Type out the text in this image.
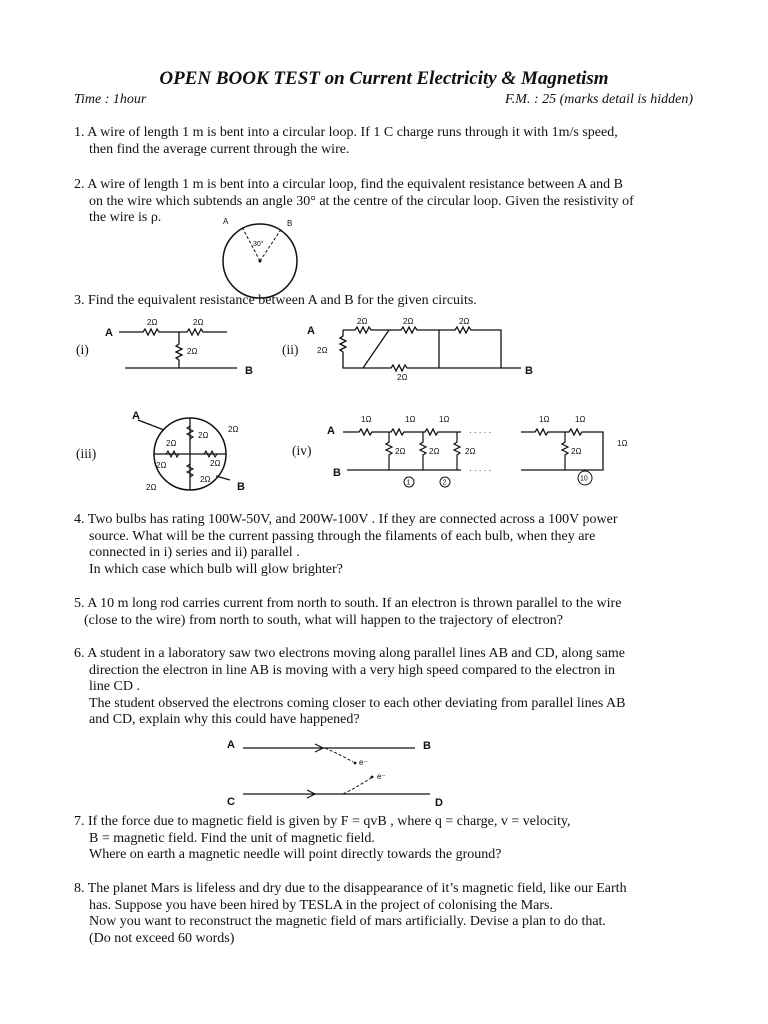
OPEN BOOK TEST on Current Electricity & Magnetism
Time : 1hour	F.M. : 25 (marks detail is hidden)
1. A wire of length 1 m is bent into a circular loop. If 1 C charge runs through it with 1m/s speed,
then find the average current through the wire.
2. A wire of length 1 m is bent into a circular loop, find the equivalent resistance between A and B
on the wire which subtends an angle 30° at the centre of the circular loop. Given the resistivity of
the wire is ρ.	A	B
30°
3. Find the equivalent resistance between A and B for the given circuits.
(i)	(ii)
(iii)	(iv)
A
2Ω	2Ω
2Ω
B
A
2Ω	2Ω	2Ω
2Ω
2Ω
B
A
B
2Ω
2Ω
2Ω
2Ω	2Ω
2Ω
2Ω
A
B
· · · · ·
· · · · ·
1Ω	1Ω	1Ω	1Ω	1Ω
1Ω
2Ω	2Ω	2Ω	2Ω
1	2
10
4. Two bulbs has rating 100W-50V, and 200W-100V . If they are connected across a 100V power
source. What will be the current passing through the filaments of each bulb, when they are
connected in i) series and ii) parallel .
In which case which bulb will glow brighter?
5. A 10 m long rod carries current from north to south. If an electron is thrown parallel to the wire
(close to the wire) from north to south, what will happen to the trajectory of electron?
6. A student in a laboratory saw two electrons moving along parallel lines AB and CD, along same
direction the electron in line AB is moving with a very high speed compared to the electron in
line CD .
The student observed the electrons coming closer to each other deviating from parallel lines AB
and CD, explain why this could have happened?
A	B
C	D
e⁻
e⁻
7. If the force due to magnetic field is given by F = qvB , where q = charge, v = velocity,
B = magnetic field. Find the unit of magnetic field.
Where on earth a magnetic needle will point directly towards the ground?
8. The planet Mars is lifeless and dry due to the disappearance of it’s magnetic field, like our Earth
has. Suppose you have been hired by TESLA in the project of colonising the Mars.
Now you want to reconstruct the magnetic field of mars artificially. Devise a plan to do that.
(Do not exceed 60 words)
